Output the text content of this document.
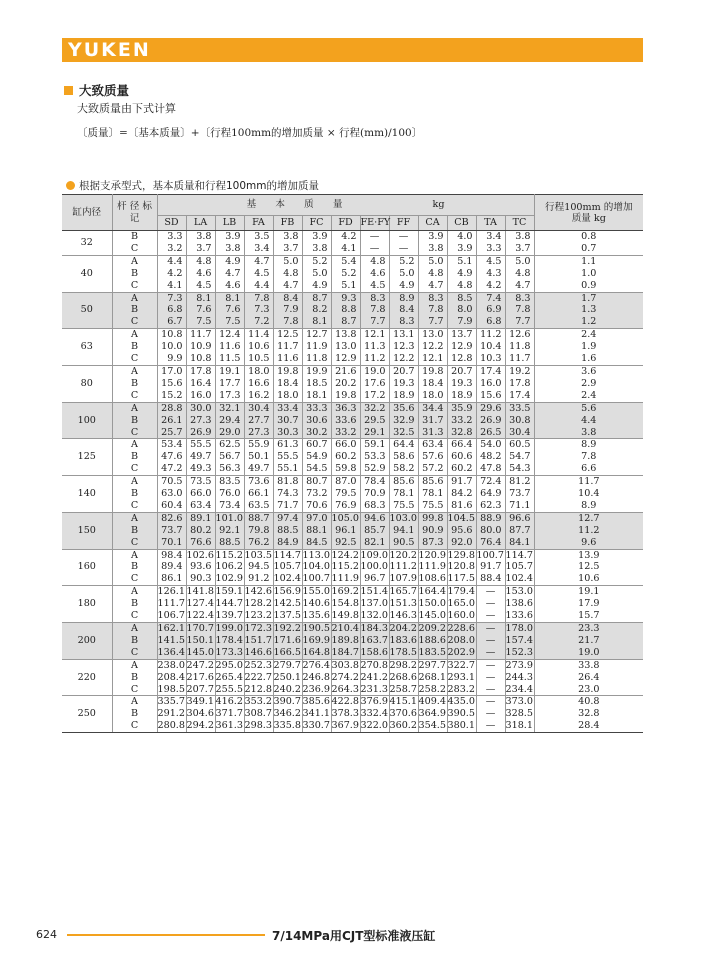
YUKEN
大致质量
大致质量由下式计算
〔质量〕=〔基本质量〕+〔行程100mm的增加质量 × 行程(mm)/100〕
根据支承型式，基本质量和行程100mm的增加质量
缸内径	杆 径 标 记	基　　本　　质　　量 kg													行程100mm 的增加质量 kg
		SD	LA	LB	FA	FB	FC	FD	FE·FY	FF	CA	CB	TA	TC	
32	B	3.3	3.8	3.9	3.5	3.8	3.9	4.2	—	—	3.9	4.0	3.4	3.8	0.8
	C	3.2	3.7	3.8	3.4	3.7	3.8	4.1	—	—	3.8	3.9	3.3	3.7	0.7
40	A	4.4	4.8	4.9	4.7	5.0	5.2	5.4	4.8	5.2	5.0	5.1	4.5	5.0	1.1
	B	4.2	4.6	4.7	4.5	4.8	5.0	5.2	4.6	5.0	4.8	4.9	4.3	4.8	1.0
	C	4.1	4.5	4.6	4.4	4.7	4.9	5.1	4.5	4.9	4.7	4.8	4.2	4.7	0.9
50	A	7.3	8.1	8.1	7.8	8.4	8.7	9.3	8.3	8.9	8.3	8.5	7.4	8.3	1.7
	B	6.8	7.6	7.6	7.3	7.9	8.2	8.8	7.8	8.4	7.8	8.0	6.9	7.8	1.3
	C	6.7	7.5	7.5	7.2	7.8	8.1	8.7	7.7	8.3	7.7	7.9	6.8	7.7	1.2
63	A	10.8	11.7	12.4	11.4	12.5	12.7	13.8	12.1	13.1	13.0	13.7	11.2	12.6	2.4
	B	10.0	10.9	11.6	10.6	11.7	11.9	13.0	11.3	12.3	12.2	12.9	10.4	11.8	1.9
	C	9.9	10.8	11.5	10.5	11.6	11.8	12.9	11.2	12.2	12.1	12.8	10.3	11.7	1.6
80	A	17.0	17.8	19.1	18.0	19.8	19.9	21.6	19.0	20.7	19.8	20.7	17.4	19.2	3.6
	B	15.6	16.4	17.7	16.6	18.4	18.5	20.2	17.6	19.3	18.4	19.3	16.0	17.8	2.9
	C	15.2	16.0	17.3	16.2	18.0	18.1	19.8	17.2	18.9	18.0	18.9	15.6	17.4	2.4
100	A	28.8	30.0	32.1	30.4	33.4	33.3	36.3	32.2	35.6	34.4	35.9	29.6	33.5	5.6
	B	26.1	27.3	29.4	27.7	30.7	30.6	33.6	29.5	32.9	31.7	33.2	26.9	30.8	4.4
	C	25.7	26.9	29.0	27.3	30.3	30.2	33.2	29.1	32.5	31.3	32.8	26.5	30.4	3.8
125	A	53.4	55.5	62.5	55.9	61.3	60.7	66.0	59.1	64.4	63.4	66.4	54.0	60.5	8.9
	B	47.6	49.7	56.7	50.1	55.5	54.9	60.2	53.3	58.6	57.6	60.6	48.2	54.7	7.8
	C	47.2	49.3	56.3	49.7	55.1	54.5	59.8	52.9	58.2	57.2	60.2	47.8	54.3	6.6
140	A	70.5	73.5	83.5	73.6	81.8	80.7	87.0	78.4	85.6	85.6	91.7	72.4	81.2	11.7
	B	63.0	66.0	76.0	66.1	74.3	73.2	79.5	70.9	78.1	78.1	84.2	64.9	73.7	10.4
	C	60.4	63.4	73.4	63.5	71.7	70.6	76.9	68.3	75.5	75.5	81.6	62.3	71.1	8.9
150	A	82.6	89.1	101.0	88.7	97.4	97.0	105.0	94.6	103.0	99.8	104.5	88.9	96.6	12.7
	B	73.7	80.2	92.1	79.8	88.5	88.1	96.1	85.7	94.1	90.9	95.6	80.0	87.7	11.2
	C	70.1	76.6	88.5	76.2	84.9	84.5	92.5	82.1	90.5	87.3	92.0	76.4	84.1	9.6
160	A	98.4	102.6	115.2	103.5	114.7	113.0	124.2	109.0	120.2	120.9	129.8	100.7	114.7	13.9
	B	89.4	93.6	106.2	94.5	105.7	104.0	115.2	100.0	111.2	111.9	120.8	91.7	105.7	12.5
	C	86.1	90.3	102.9	91.2	102.4	100.7	111.9	96.7	107.9	108.6	117.5	88.4	102.4	10.6
180	A	126.1	141.8	159.1	142.6	156.9	155.0	169.2	151.4	165.7	164.4	179.4	—	153.0	19.1
	B	111.7	127.4	144.7	128.2	142.5	140.6	154.8	137.0	151.3	150.0	165.0	—	138.6	17.9
	C	106.7	122.4	139.7	123.2	137.5	135.6	149.8	132.0	146.3	145.0	160.0	—	133.6	15.7
200	A	162.1	170.7	199.0	172.3	192.2	190.5	210.4	184.3	204.2	209.2	228.6	—	178.0	23.3
	B	141.5	150.1	178.4	151.7	171.6	169.9	189.8	163.7	183.6	188.6	208.0	—	157.4	21.7
	C	136.4	145.0	173.3	146.6	166.5	164.8	184.7	158.6	178.5	183.5	202.9	—	152.3	19.0
220	A	238.0	247.2	295.0	252.3	279.7	276.4	303.8	270.8	298.2	297.7	322.7	—	273.9	33.8
	B	208.4	217.6	265.4	222.7	250.1	246.8	274.2	241.2	268.6	268.1	293.1	—	244.3	26.4
	C	198.5	207.7	255.5	212.8	240.2	236.9	264.3	231.3	258.7	258.2	283.2	—	234.4	23.0
250	A	335.7	349.1	416.2	353.2	390.7	385.6	422.8	376.9	415.1	409.4	435.0	—	373.0	40.8
	B	291.2	304.6	371.7	308.7	346.2	341.1	378.3	332.4	370.6	364.9	390.5	—	328.5	32.8
	C	280.8	294.2	361.3	298.3	335.8	330.7	367.9	322.0	360.2	354.5	380.1	—	318.1	28.4
624	7/14MPa用CJT型标准液压缸
